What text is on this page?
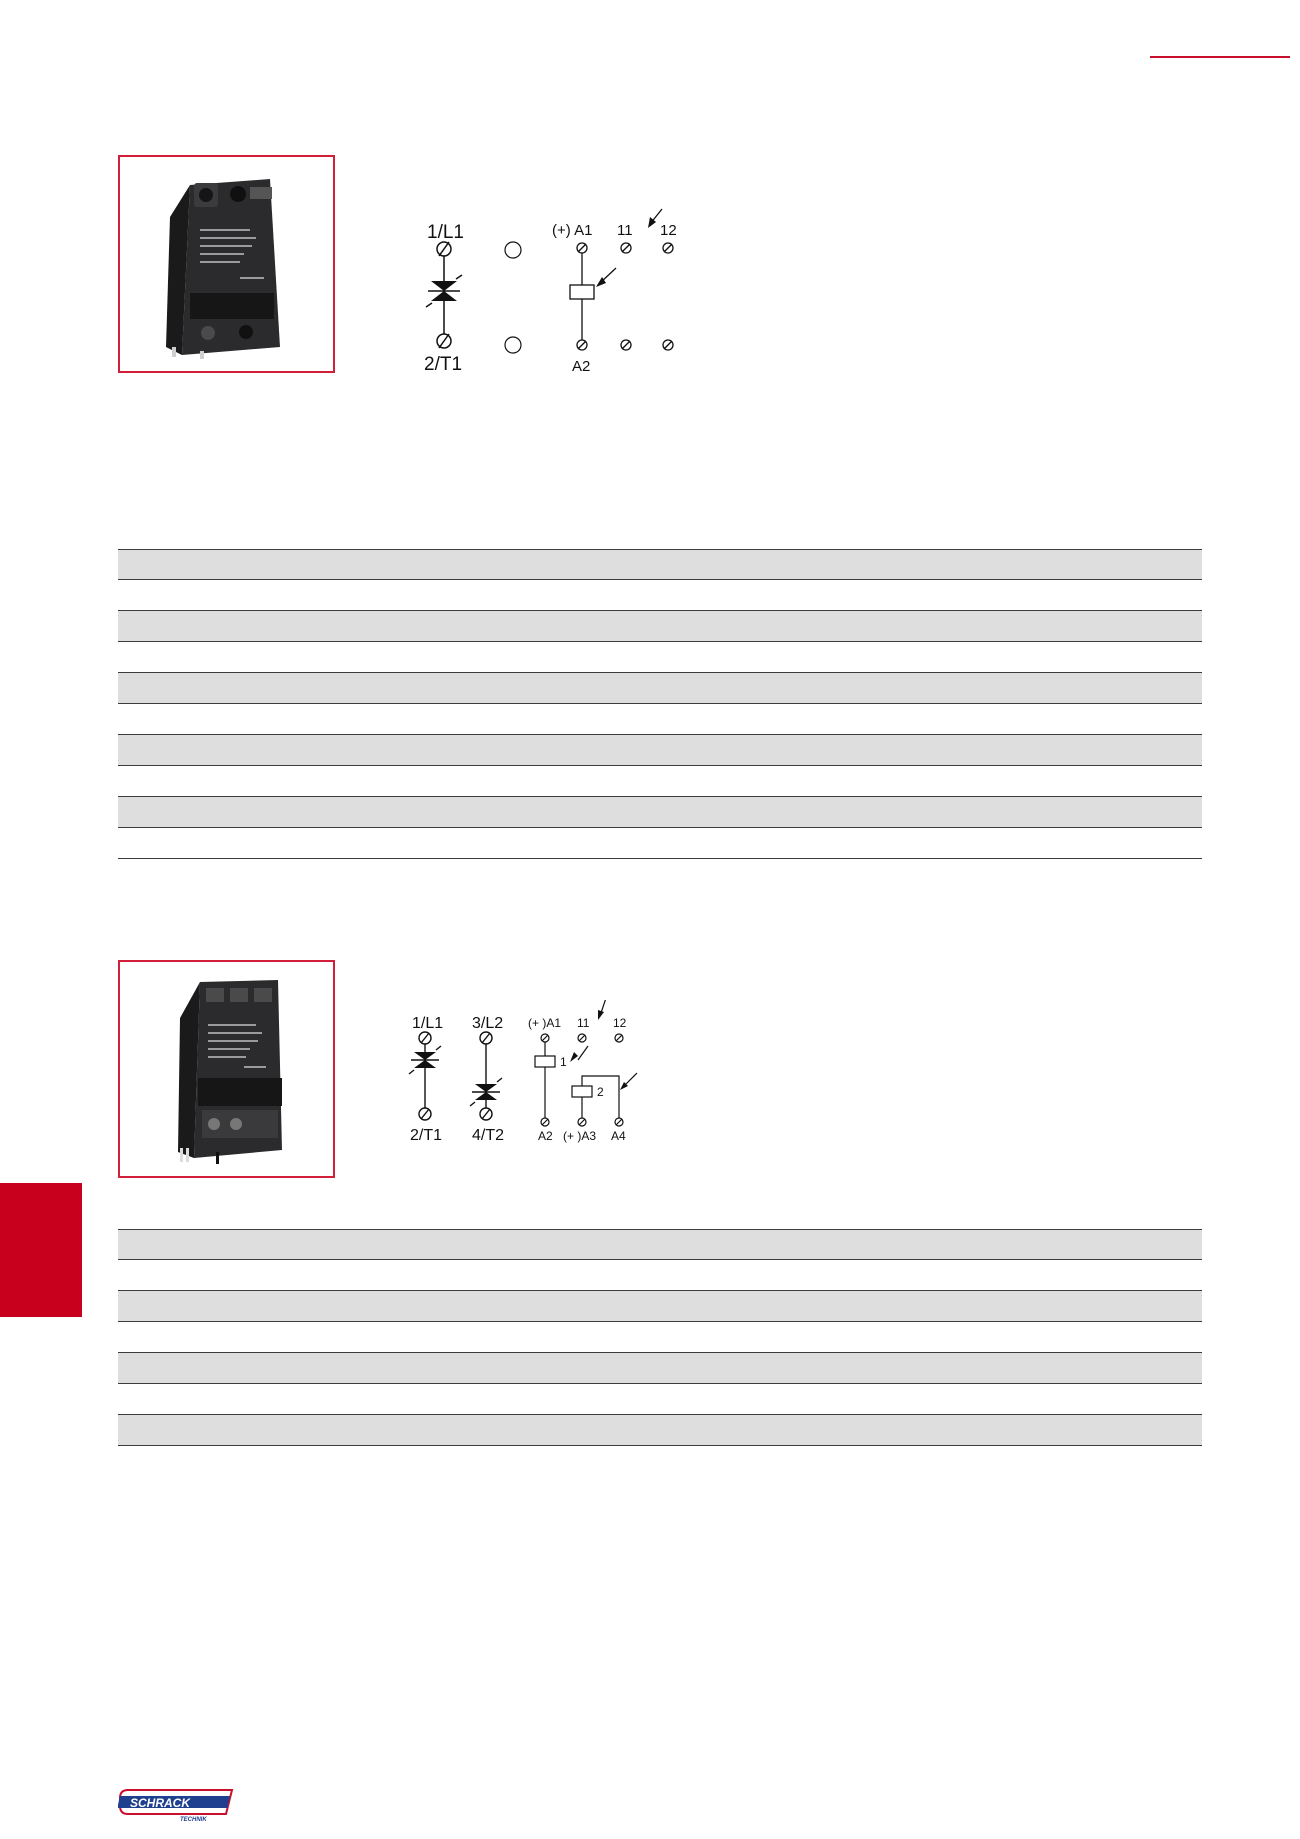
1/L1
2/T1
(+) A1 11 12
A2
1/L1 3/L2
2/T1 4/T2
(+ )A1 11 12
1
2
A2 (+ )A3 A4
SCHRACK
TECHNIK
